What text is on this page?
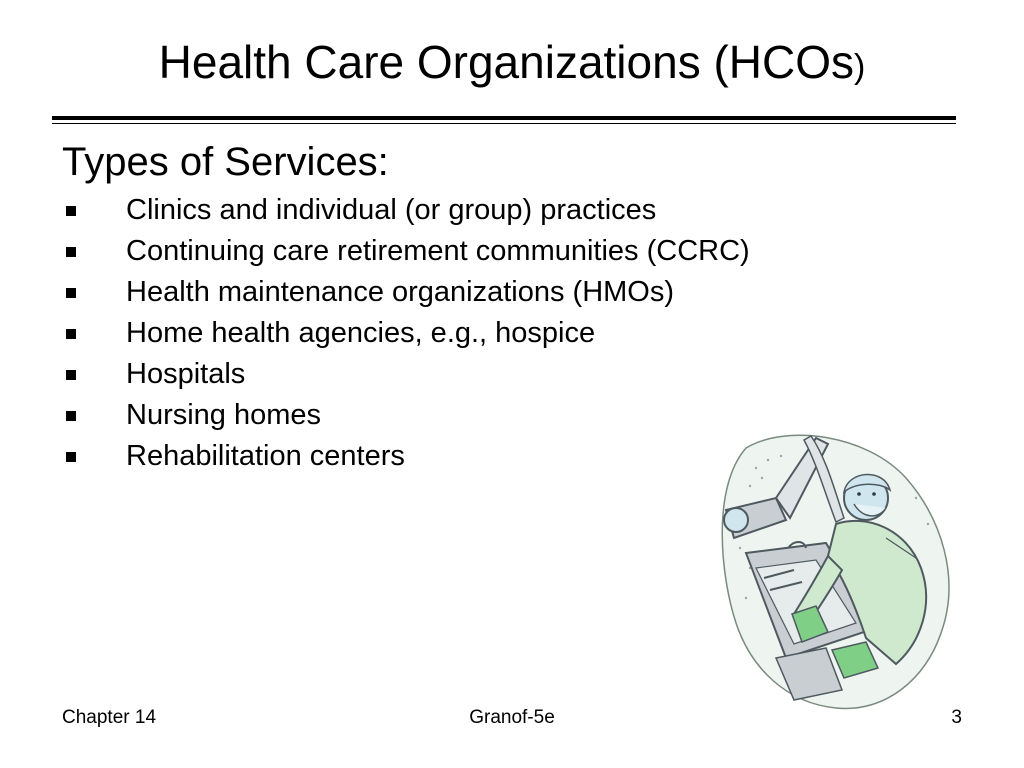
Health Care Organizations (HCOs)
Types of Services:
Clinics and individual (or group) practices
Continuing care retirement communities (CCRC)
Health maintenance organizations (HMOs)
Home health agencies, e.g., hospice
Hospitals
Nursing homes
Rehabilitation centers
Chapter 14	Granof-5e	3
